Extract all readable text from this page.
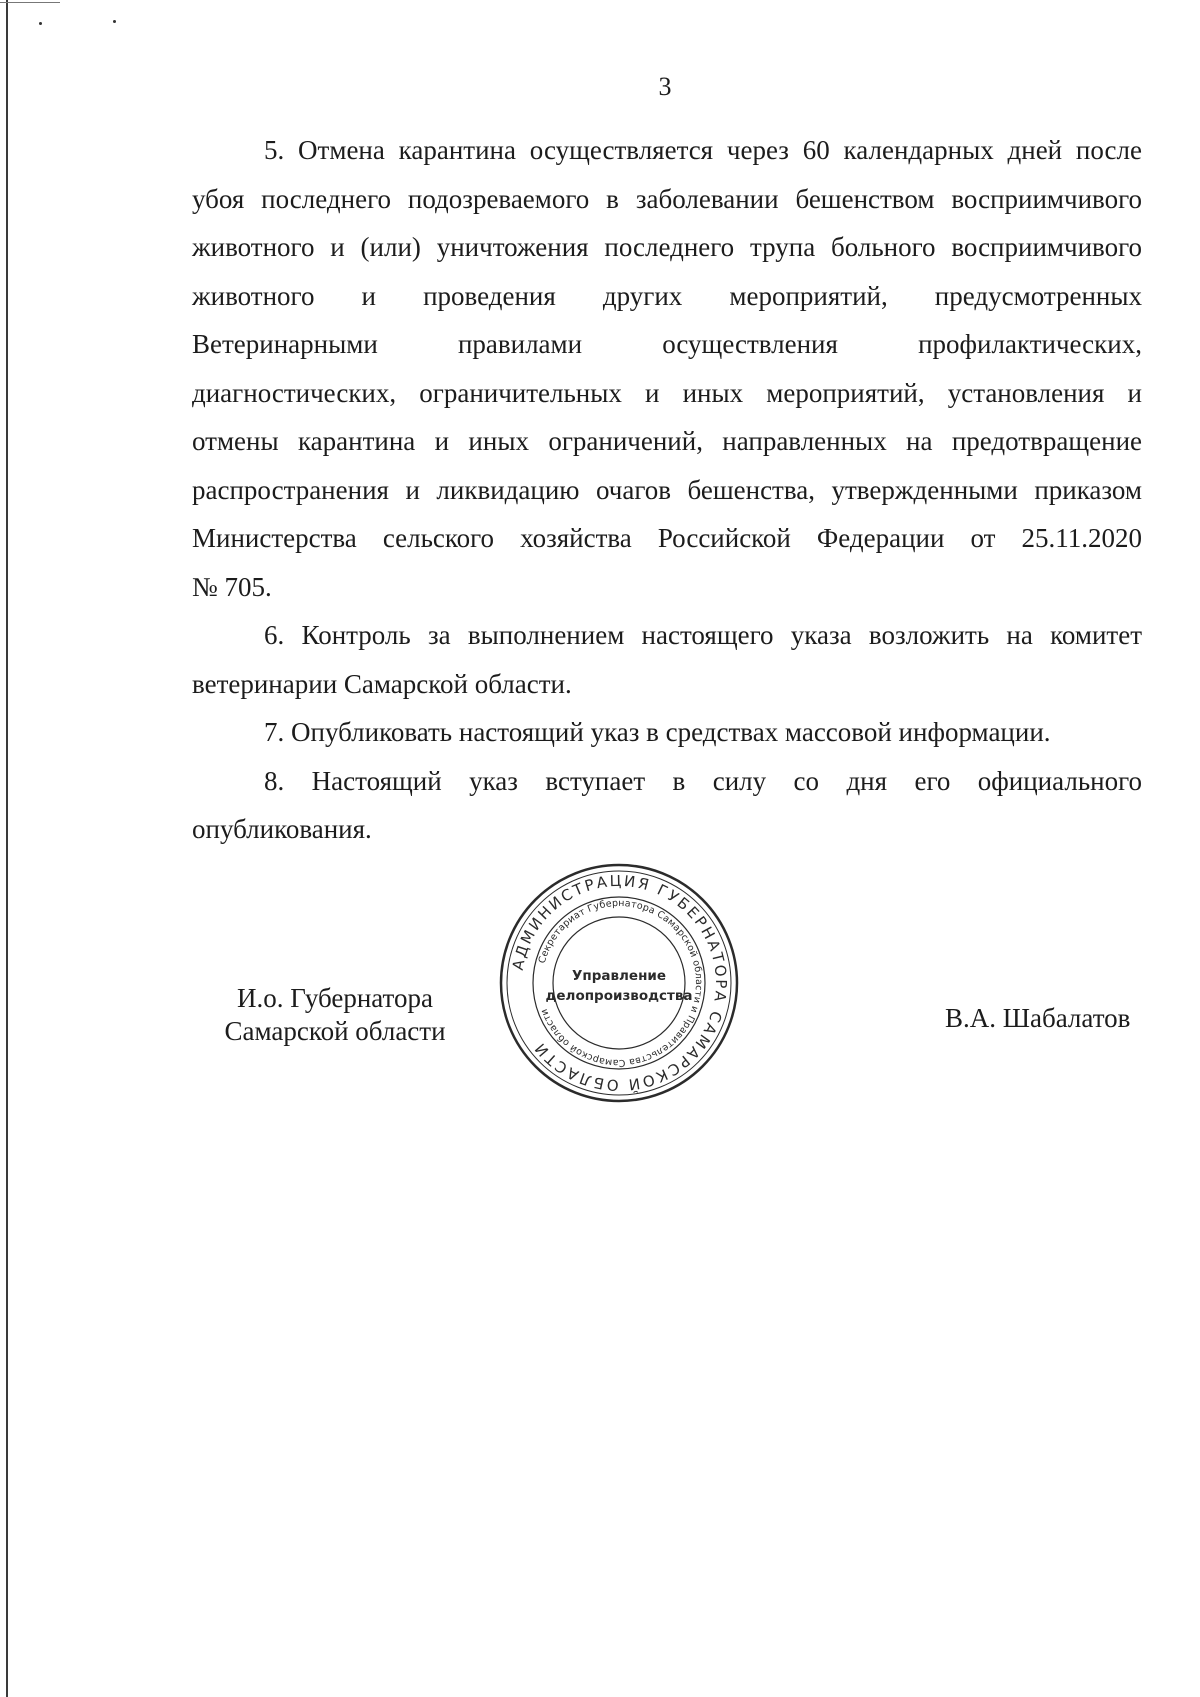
3
5. Отмена карантина осуществляется через 60 календарных дней после
убоя последнего подозреваемого в заболевании бешенством восприимчивого
животного и (или) уничтожения последнего трупа больного восприимчивого
животного и проведения других мероприятий, предусмотренных
Ветеринарными правилами осуществления профилактических,
диагностических, ограничительных и иных мероприятий, установления и
отмены карантина и иных ограничений, направленных на предотвращение
распространения и ликвидацию очагов бешенства, утвержденными приказом
Министерства сельского хозяйства Российской Федерации от 25.11.2020
№ 705.
6. Контроль за выполнением настоящего указа возложить на комитет
ветеринарии Самарской области.
7. Опубликовать настоящий указ в средствах массовой информации.
8. Настоящий указ вступает в силу со дня его официального
опубликования.
И.о. Губернатора
Самарской области	В.А. Шабалатов
АДМИНИСТРАЦИЯ ГУБЕРНАТОРА САМАРСКОЙ ОБЛАСТИ
Секретариат Губернатора Самарской области и Правительства Самарской области
Управление
делопроизводства
